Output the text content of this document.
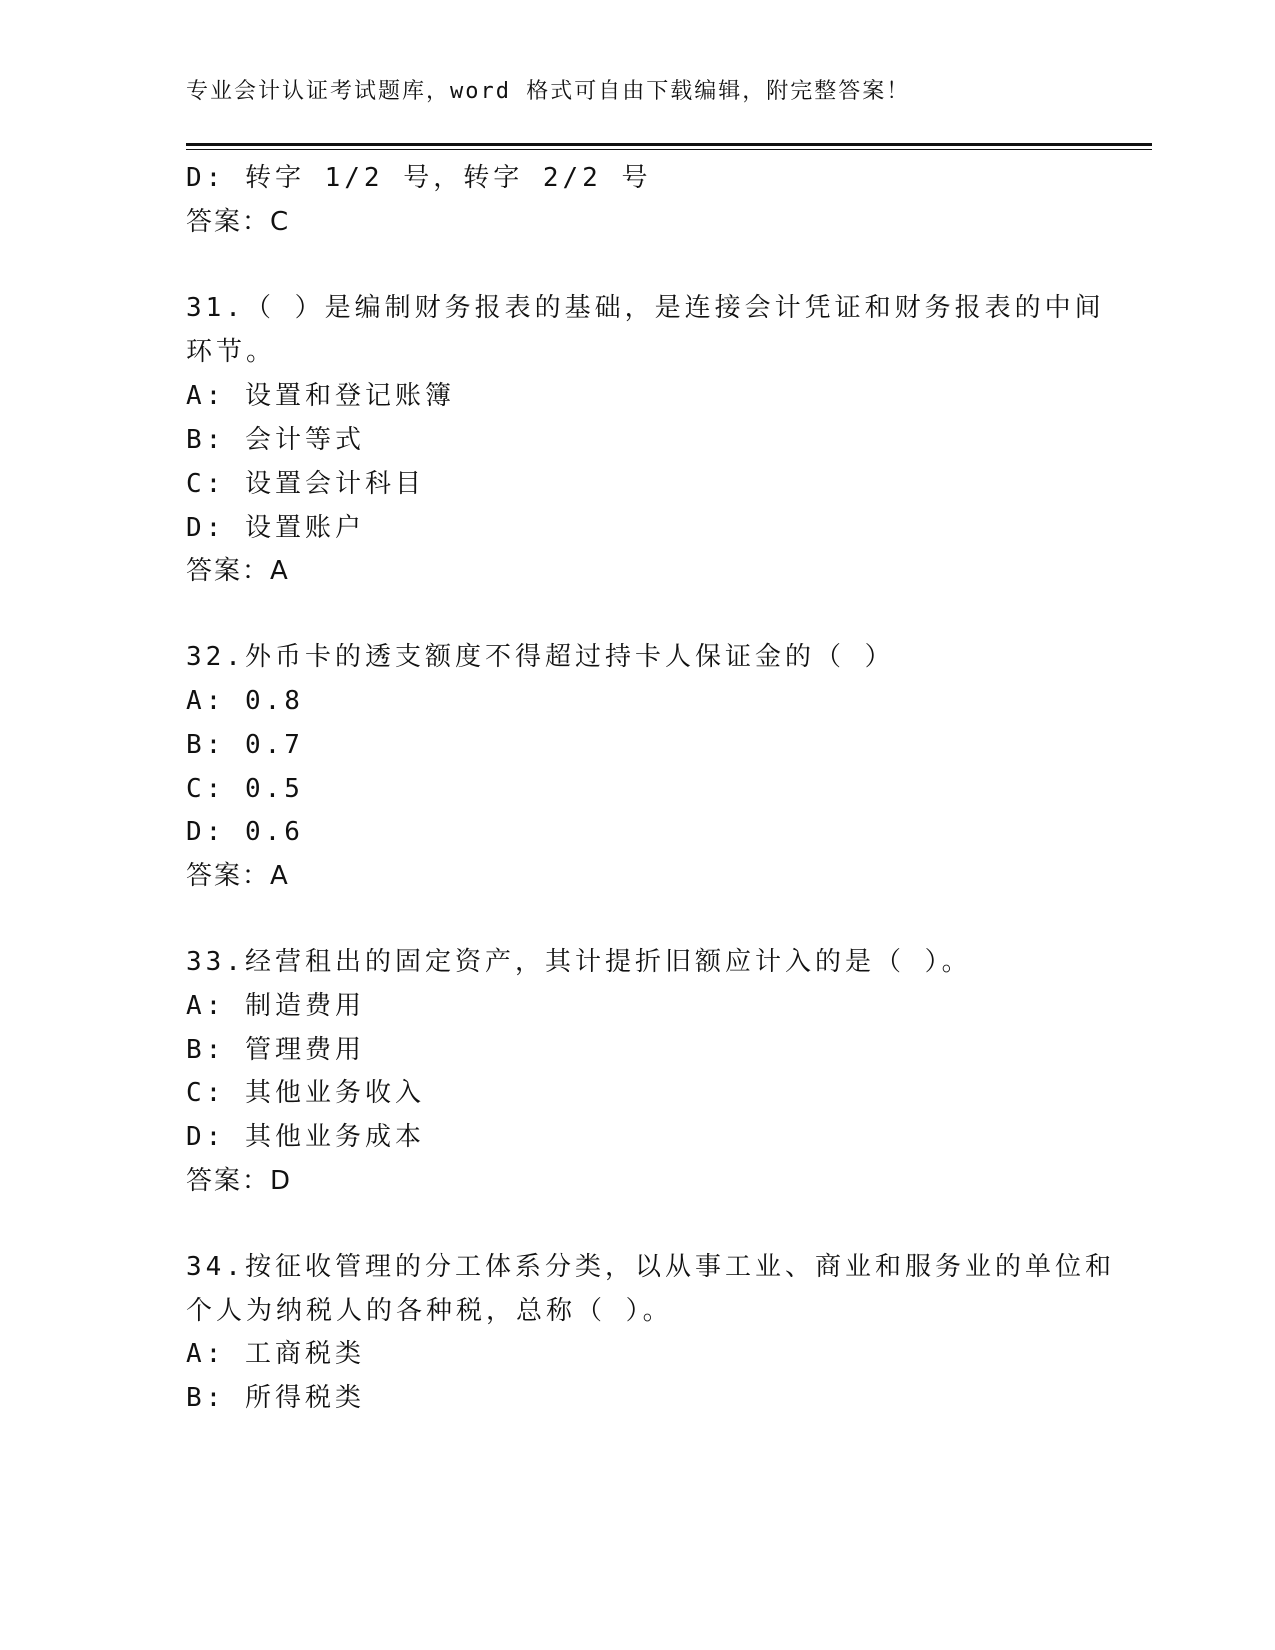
专业会计认证考试题库，word 格式可自由下载编辑，附完整答案！
D: 转字 1/2 号，转字 2/2 号
答案：C
31.（ ）是编制财务报表的基础，是连接会计凭证和财务报表的中间
环节。
A: 设置和登记账簿
B: 会计等式
C: 设置会计科目
D: 设置账户
答案：A
32.外币卡的透支额度不得超过持卡人保证金的（ ）
A: 0.8
B: 0.7
C: 0.5
D: 0.6
答案：A
33.经营租出的固定资产，其计提折旧额应计入的是（ ）。
A: 制造费用
B: 管理费用
C: 其他业务收入
D: 其他业务成本
答案：D
34.按征收管理的分工体系分类，以从事工业、商业和服务业的单位和
个人为纳税人的各种税，总称（ ）。
A: 工商税类
B: 所得税类
